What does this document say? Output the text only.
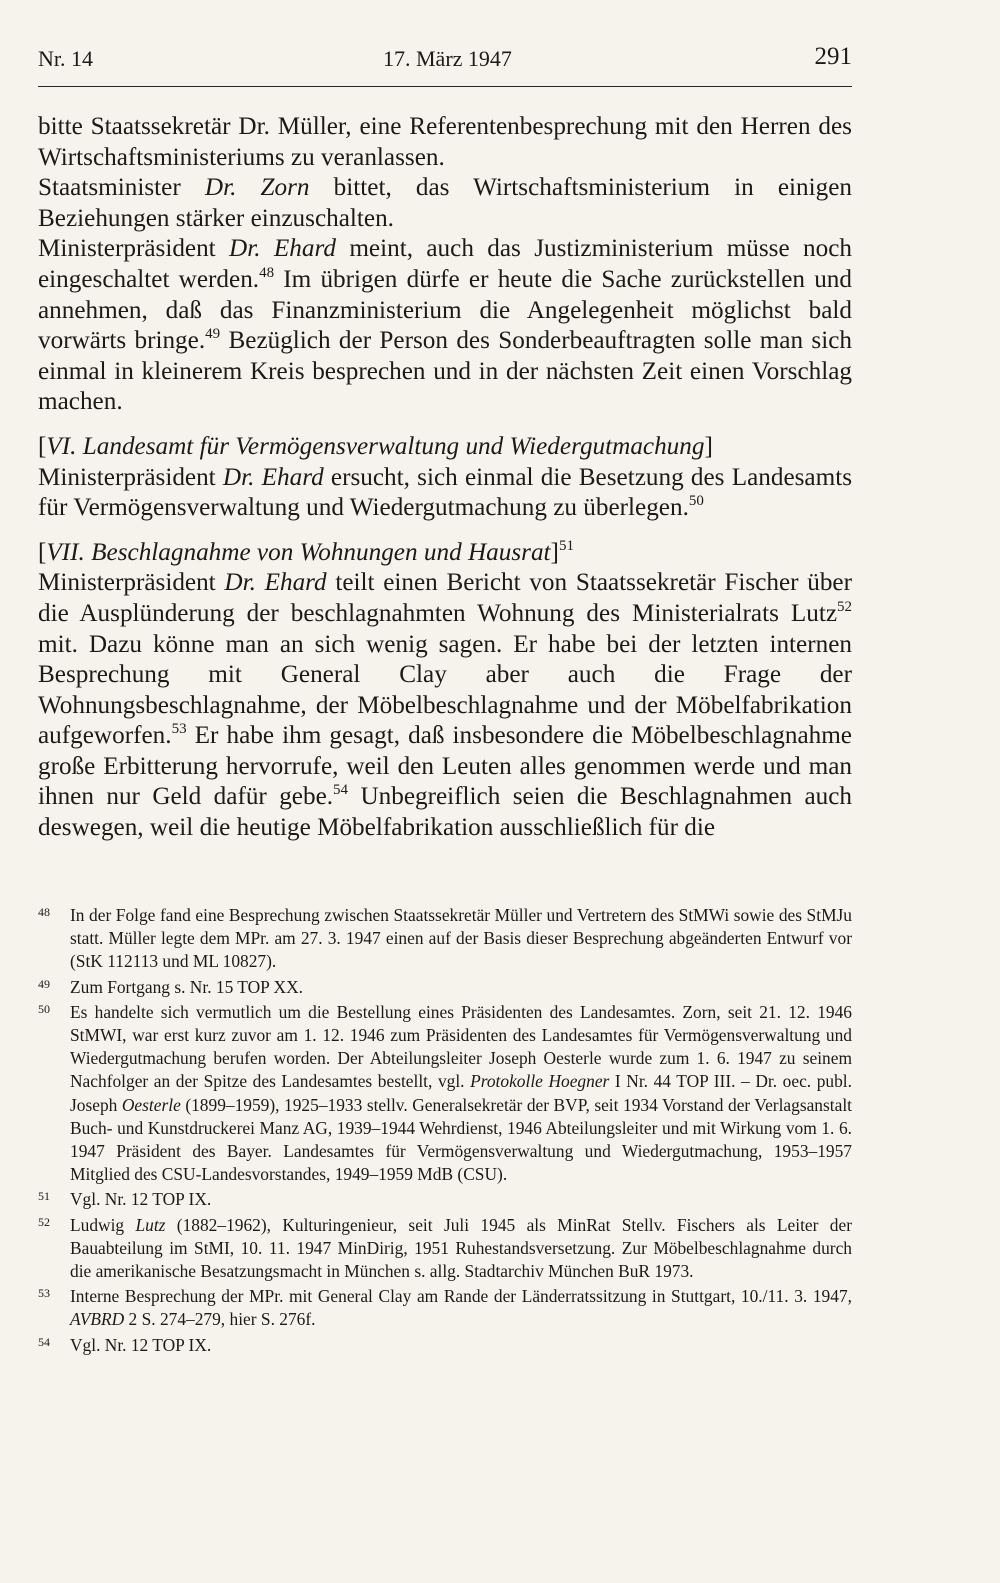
Nr. 14	17. März 1947	291

bitte Staatssekretär Dr. Müller, eine Referentenbesprechung mit den Herren des Wirtschaftsministeriums zu veranlassen.

Staatsminister Dr. Zorn bittet, das Wirtschaftsministerium in einigen Beziehungen stärker einzuschalten.

Ministerpräsident Dr. Ehard meint, auch das Justizministerium müsse noch eingeschaltet werden.$^{48}$ Im übrigen dürfe er heute die Sache zurückstellen und annehmen, daß das Finanzministerium die Angelegenheit möglichst bald vorwärts bringe.$^{49}$ Bezüglich der Person des Sonderbeauftragten solle man sich einmal in kleinerem Kreis besprechen und in der nächsten Zeit einen Vorschlag machen.

[VI. Landesamt für Vermögensverwaltung und Wiedergutmachung]

Ministerpräsident Dr. Ehard ersucht, sich einmal die Besetzung des Landesamts für Vermögensverwaltung und Wiedergutmachung zu überlegen.$^{50}$

[VII. Beschlagnahme von Wohnungen und Hausrat]$^{51}$

Ministerpräsident Dr. Ehard teilt einen Bericht von Staatssekretär Fischer über die Ausplünderung der beschlagnahmten Wohnung des Ministerialrats Lutz$^{52}$ mit. Dazu könne man an sich wenig sagen. Er habe bei der letzten internen Besprechung mit General Clay aber auch die Frage der Wohnungsbeschlagnahme, der Möbelbeschlagnahme und der Möbelfabrikation aufgeworfen.$^{53}$ Er habe ihm gesagt, daß insbesondere die Möbelbeschlagnahme große Erbitterung hervorrufe, weil den Leuten alles genommen werde und man ihnen nur Geld dafür gebe.$^{54}$ Unbegreiflich seien die Beschlagnahmen auch deswegen, weil die heutige Möbelfabrikation ausschließlich für die

48 In der Folge fand eine Besprechung zwischen Staatssekretär Müller und Vertretern des StMWi sowie des StMJu statt. Müller legte dem MPr. am 27. 3. 1947 einen auf der Basis dieser Besprechung abgeänderten Entwurf vor (StK 112113 und ML 10827).
49 Zum Fortgang s. Nr. 15 TOP XX.
50 Es handelte sich vermutlich um die Bestellung eines Präsidenten des Landesamtes. Zorn, seit 21. 12. 1946 StMWI, war erst kurz zuvor am 1. 12. 1946 zum Präsidenten des Landesamtes für Vermögensverwaltung und Wiedergutmachung berufen worden. Der Abteilungsleiter Joseph Oesterle wurde zum 1. 6. 1947 zu seinem Nachfolger an der Spitze des Landesamtes bestellt, vgl. Protokolle Hoegner I Nr. 44 TOP III. – Dr. oec. publ. Joseph Oesterle (1899–1959), 1925–1933 stellv. Generalsekretär der BVP, seit 1934 Vorstand der Verlagsanstalt Buch- und Kunstdruckerei Manz AG, 1939–1944 Wehrdienst, 1946 Abteilungsleiter und mit Wirkung vom 1. 6. 1947 Präsident des Bayer. Landesamtes für Vermögensverwaltung und Wiedergutmachung, 1953–1957 Mitglied des CSU-Landesvorstandes, 1949–1959 MdB (CSU).
51 Vgl. Nr. 12 TOP IX.
52 Ludwig Lutz (1882–1962), Kulturingenieur, seit Juli 1945 als MinRat Stellv. Fischers als Leiter der Bauabteilung im StMI, 10. 11. 1947 MinDirig, 1951 Ruhestandsversetzung. Zur Möbelbeschlagnahme durch die amerikanische Besatzungsmacht in München s. allg. Stadtarchiv München BuR 1973.
53 Interne Besprechung der MPr. mit General Clay am Rande der Länderratssitzung in Stuttgart, 10./11. 3. 1947, AVBRD 2 S. 274–279, hier S. 276f.
54 Vgl. Nr. 12 TOP IX.
